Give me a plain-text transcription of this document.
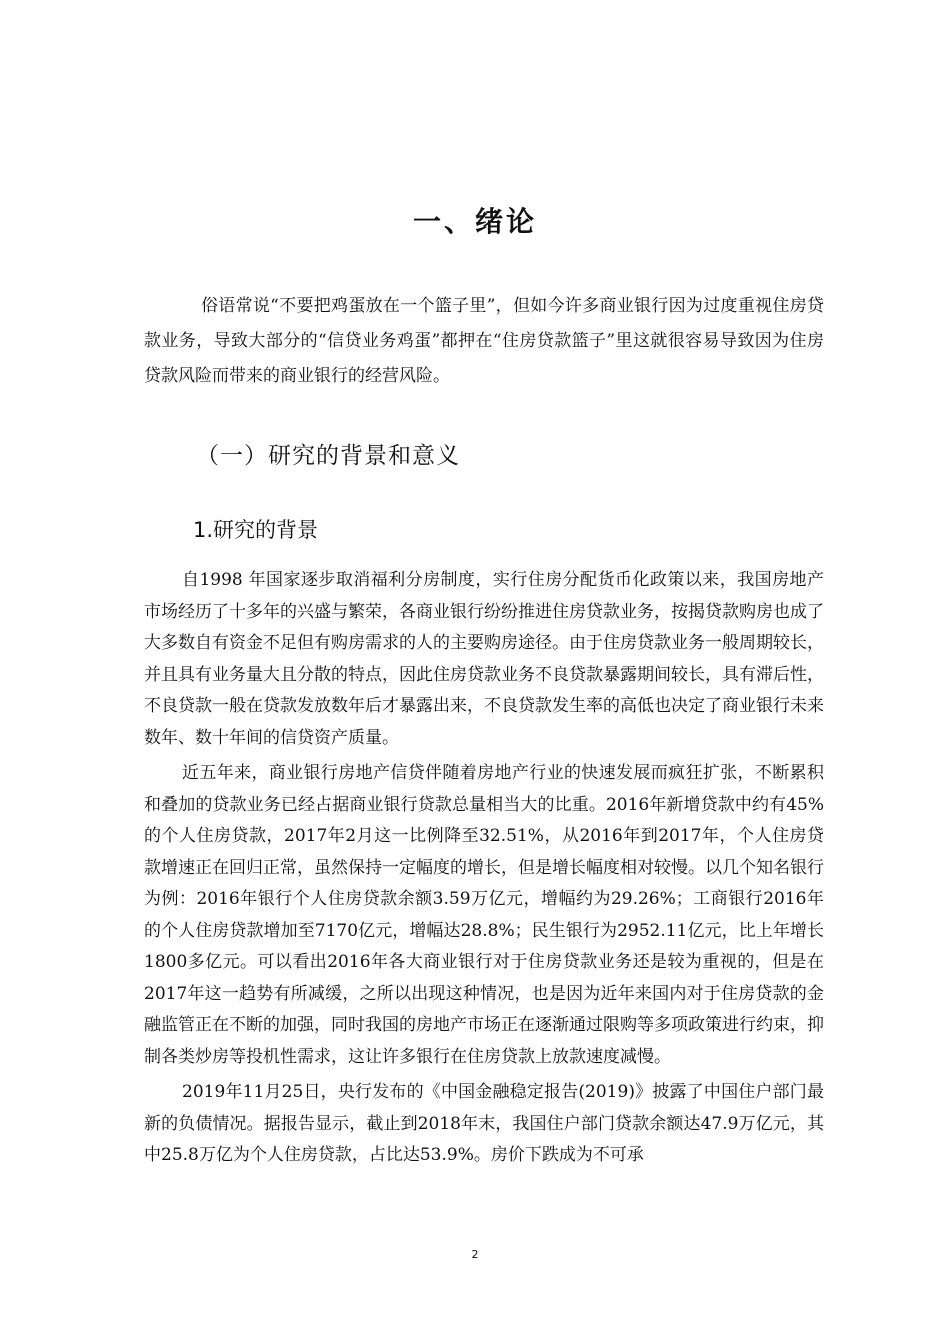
一、绪论

俗语常说“不要把鸡蛋放在一个篮子里”，但如今许多商业银行因为过度重视住房贷款业务，导致大部分的“信贷业务鸡蛋”都押在“住房贷款篮子”里这就很容易导致因为住房贷款风险而带来的商业银行的经营风险。

（一）研究的背景和意义
1.研究的背景

自1998 年国家逐步取消福利分房制度，实行住房分配货币化政策以来，我国房地产市场经历了十多年的兴盛与繁荣，各商业银行纷纷推进住房贷款业务，按揭贷款购房也成了大多数自有资金不足但有购房需求的人的主要购房途径。由于住房贷款业务一般周期较长，并且具有业务量大且分散的特点，因此住房贷款业务不良贷款暴露期间较长，具有滞后性，不良贷款一般在贷款发放数年后才暴露出来，不良贷款发生率的高低也决定了商业银行未来数年、数十年间的信贷资产质量。

近五年来，商业银行房地产信贷伴随着房地产行业的快速发展而疯狂扩张，不断累积和叠加的贷款业务已经占据商业银行贷款总量相当大的比重。2016年新增贷款中约有45%的个人住房贷款，2017年2月这一比例降至32.51%，从2016年到2017年，个人住房贷款增速正在回归正常，虽然保持一定幅度的增长，但是增长幅度相对较慢。以几个知名银行为例：2016年银行个人住房贷款余额3.59万亿元，增幅约为29.26%；工商银行2016年的个人住房贷款增加至7170亿元，增幅达28.8%；民生银行为2952.11亿元，比上年增长1800多亿元。可以看出2016年各大商业银行对于住房贷款业务还是较为重视的，但是在2017年这一趋势有所减缓，之所以出现这种情况，也是因为近年来国内对于住房贷款的金融监管正在不断的加强，同时我国的房地产市场正在逐渐通过限购等多项政策进行约束，抑制各类炒房等投机性需求，这让许多银行在住房贷款上放款速度减慢。

2019年11月25日，央行发布的《中国金融稳定报告(2019)》披露了中国住户部门最新的负债情况。据报告显示，截止到2018年末，我国住户部门贷款余额达47.9万亿元，其中25.8万亿为个人住房贷款，占比达53.9%。房价下跌成为不可承

2
